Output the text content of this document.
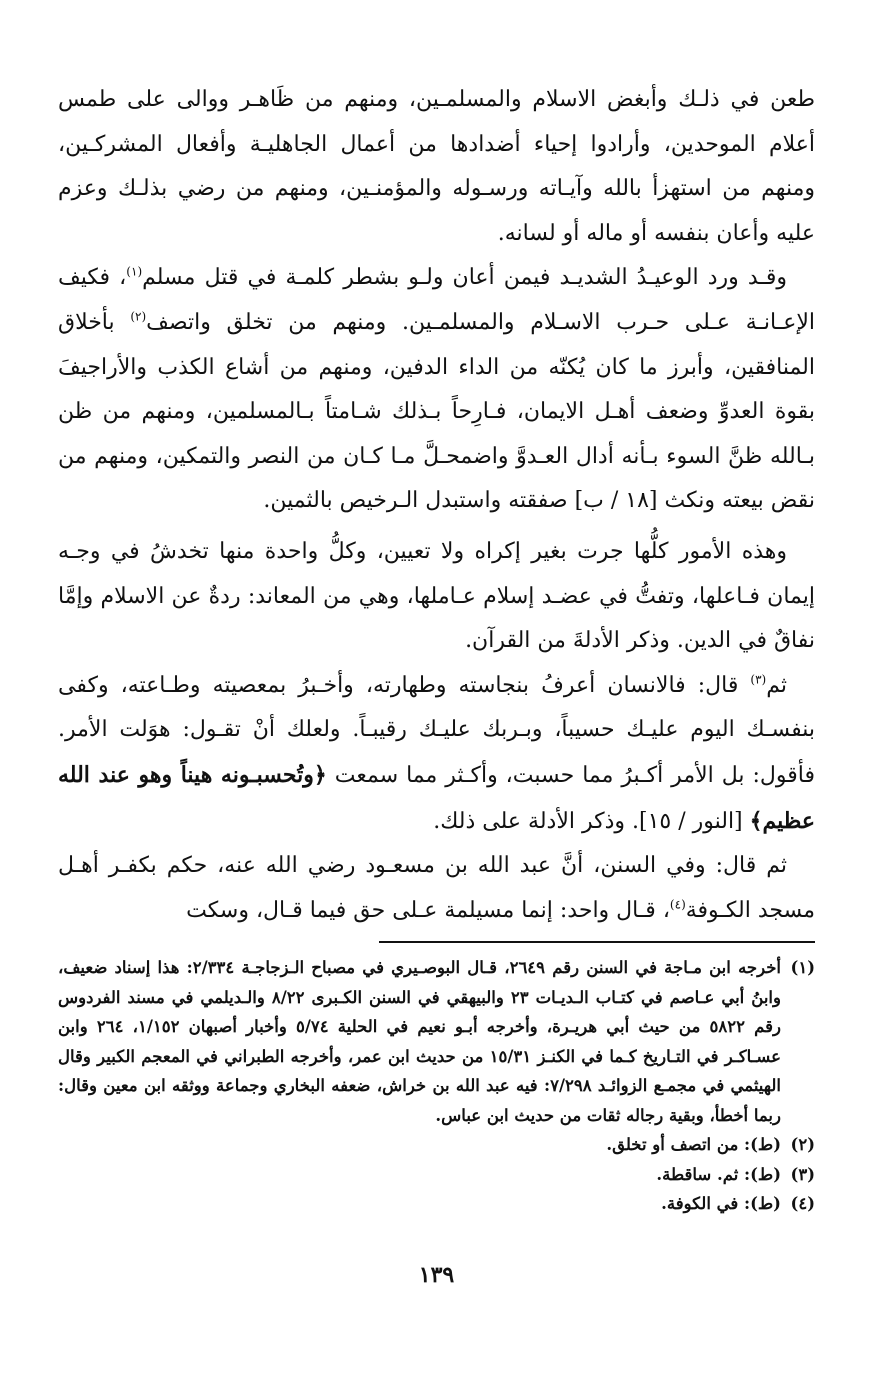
طعن في ذلـك وأبغض الاسلام والمسلمـين، ومنهم من ظَاهـر ووالى على طمس أعلام الموحدين، وأرادوا إحياء أضدادها من أعمال الجاهليـة وأفعال المشركـين، ومنهم من استهزأ بالله وآيـاته ورسـوله والمؤمنـين، ومنهم من رضي بذلـك وعزم عليه وأعان بنفسه أو ماله أو لسانه.

وقـد ورد الوعيـدُ الشديـد فيمن أعان ولـو بشطر كلمـة في قتل مسلم$^{(١)}$، فكيف الإعـانـة عـلى حـرب الاسـلام والمسلمـين. ومنهم من تخلق واتصف$^{(٢)}$ بأخلاق المنافقين، وأبرز ما كان يُكنّه من الداء الدفين، ومنهم من أشاع الكذب والأراجيفَ بقوة العدوِّ وضعف أهـل الايمان، فـارِحاً بـذلك شـامتاً بـالمسلمين، ومنهم من ظن بـالله ظنَّ السوء بـأنه أدال العـدوَّ واضمحـلَّ مـا كـان من النصر والتمكين، ومنهم من نقض بيعته ونكث [١٨ / ب] صفقته واستبدل الـرخيص بالثمين.

وهذه الأمور كلُّها جرت بغير إكراه ولا تعيين، وكلُّ واحدة منها تخدشُ في وجـه إيمان فـاعلها، وتفتُّ في عضـد إسلام عـاملها، وهي من المعاند: ردةٌ عن الاسلام وإمَّا نفاقٌ في الدين. وذكر الأدلةَ من القرآن.

ثم$^{(٣)}$ قال: فالانسان أعرفُ بنجاسته وطهارته، وأخـبرُ بمعصيته وطـاعته، وكفى بنفسـك اليوم عليـك حسيباً، وبـربك عليـك رقيبـاً. ولعلك أنْ تقـول: هوَلت الأمر. فأقول: بل الأمر أكـبرُ مما حسبت، وأكـثر مما سمعت ﴿وتُحسبـونه هيناً وهو عند الله عظيم﴾ [النور / ١٥]. وذكر الأدلة على ذلك.

ثم قال: وفي السنن، أنَّ عبد الله بن مسعـود رضي الله عنه، حكم بكفـر أهـل مسجد الكـوفة$^{(٤)}$، قـال واحد: إنما مسيلمة عـلى حق فيما قـال، وسكت

(١)
أخرجه ابن مـاجة في السنن رقم ٢٦٤٩، قـال البوصـيري في مصباح الـزجاجـة ٢/٣٣٤: هذا إسناد ضعيف، وابنُ أبي عـاصم في كتـاب الـديـات ٢٣ والبيهقي في السنن الكـبرى ٨/٢٢ والـديلمي في مسند الفردوس رقم ٥٨٢٢ من حيث أبي هريـرة، وأخرجه أبـو نعيم في الحلية ٥/٧٤ وأخبار أصبهان ١/١٥٢، ٢٦٤ وابن عسـاكـر في التـاريخ كـما في الكنـز ١٥/٣١ من حديث ابن عمر، وأخرجه الطبراني في المعجم الكبير وقال الهيثمي في مجمـع الزوائـد ٧/٢٩٨: فيه عبد الله بن خراش، ضعفه البخاري وجماعة ووثقه ابن معين وقال: ربما أخطأ، وبقية رجاله ثقات من حديث ابن عباس.

(٢)
(ط): من اتصف أو تخلق.

(٣)
(ط): ثم. ساقطة.

(٤)
(ط): في الكوفة.

١٣٩
